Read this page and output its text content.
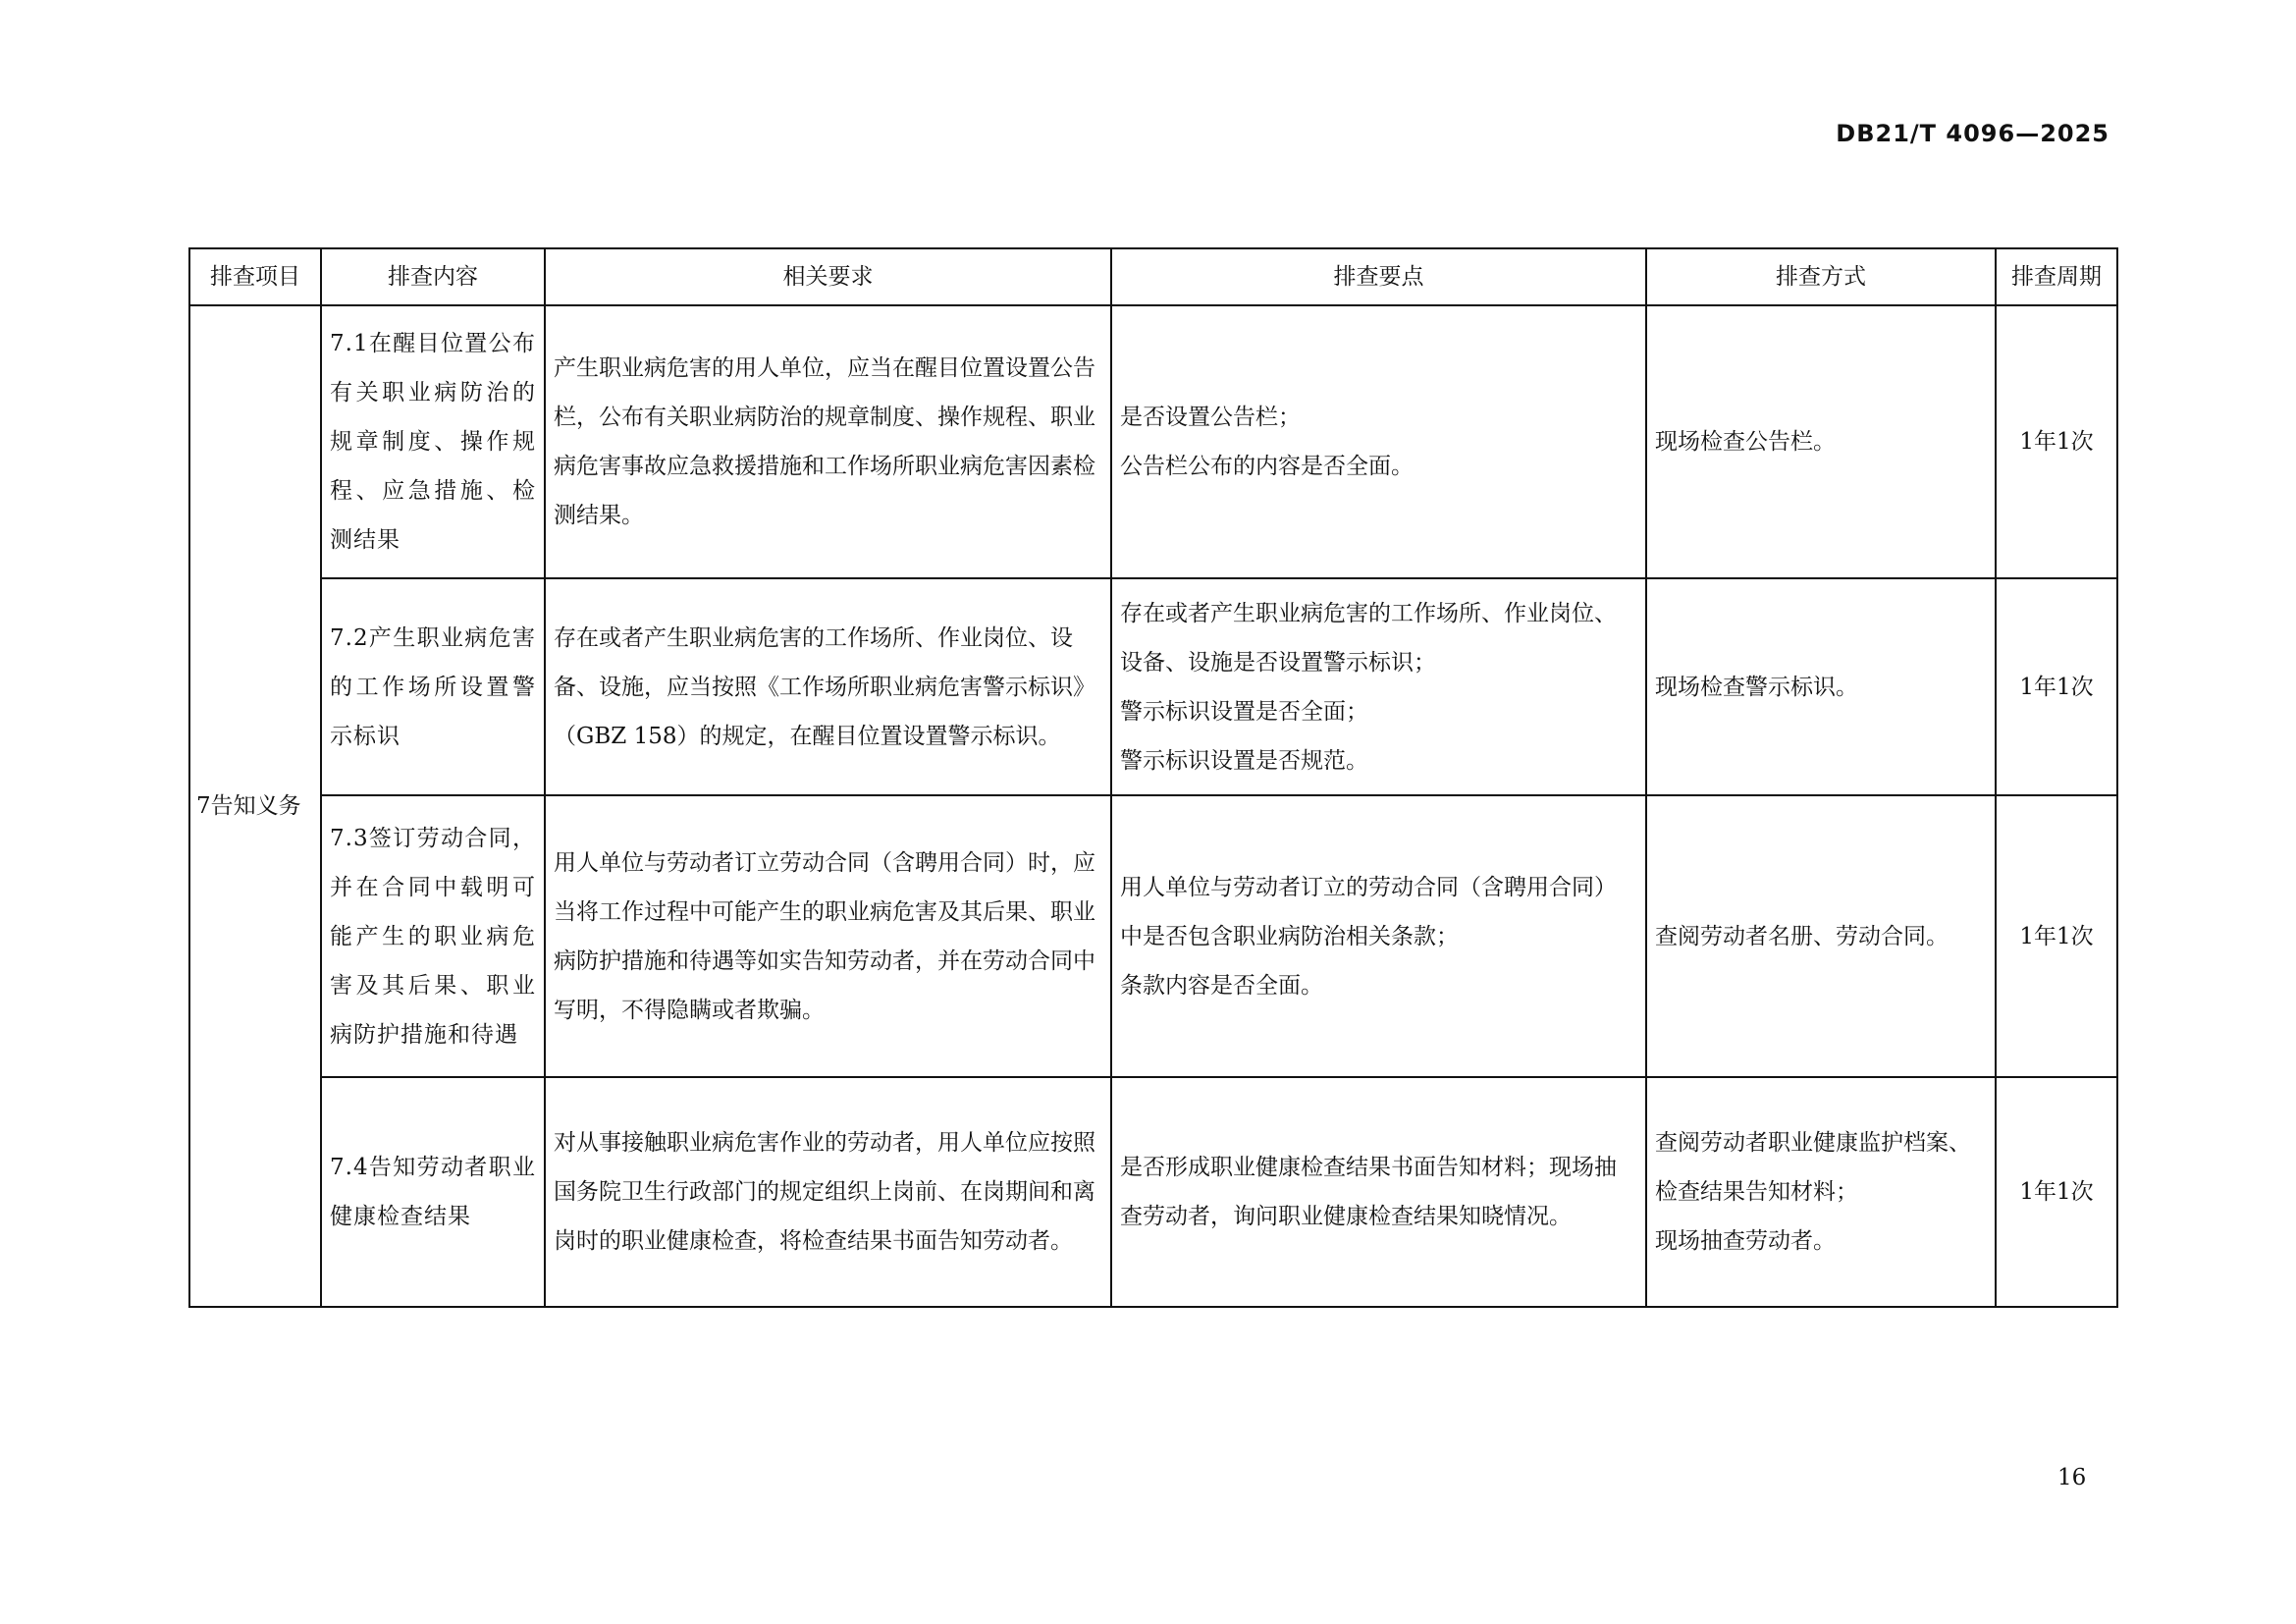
DB21/T 4096—2025
排查项目	排查内容	相关要求	排查要点	排查方式	排查周期
7告知义务	7.1在醒目位置公布有关职业病防治的规章制度、操作规程、应急措施、检测结果	产生职业病危害的用人单位，应当在醒目位置设置公告栏，公布有关职业病防治的规章制度、操作规程、职业病危害事故应急救援措施和工作场所职业病危害因素检测结果。	是否设置公告栏；
公告栏公布的内容是否全面。	现场检查公告栏。	1年1次
	7.2产生职业病危害的工作场所设置警示标识	存在或者产生职业病危害的工作场所、作业岗位、设备、设施，应当按照《工作场所职业病危害警示标识》（GBZ 158）的规定，在醒目位置设置警示标识。	存在或者产生职业病危害的工作场所、作业岗位、设备、设施是否设置警示标识；
警示标识设置是否全面；
警示标识设置是否规范。	现场检查警示标识。	1年1次
	7.3签订劳动合同，并在合同中载明可能产生的职业病危害及其后果、职业病防护措施和待遇	用人单位与劳动者订立劳动合同（含聘用合同）时，应当将工作过程中可能产生的职业病危害及其后果、职业病防护措施和待遇等如实告知劳动者，并在劳动合同中写明，不得隐瞒或者欺骗。	用人单位与劳动者订立的劳动合同（含聘用合同）中是否包含职业病防治相关条款；
条款内容是否全面。	查阅劳动者名册、劳动合同。	1年1次
	7.4告知劳动者职业健康检查结果	对从事接触职业病危害作业的劳动者，用人单位应按照国务院卫生行政部门的规定组织上岗前、在岗期间和离岗时的职业健康检查，将检查结果书面告知劳动者。	是否形成职业健康检查结果书面告知材料；现场抽查劳动者，询问职业健康检查结果知晓情况。	查阅劳动者职业健康监护档案、检查结果告知材料；
现场抽查劳动者。	1年1次
16
